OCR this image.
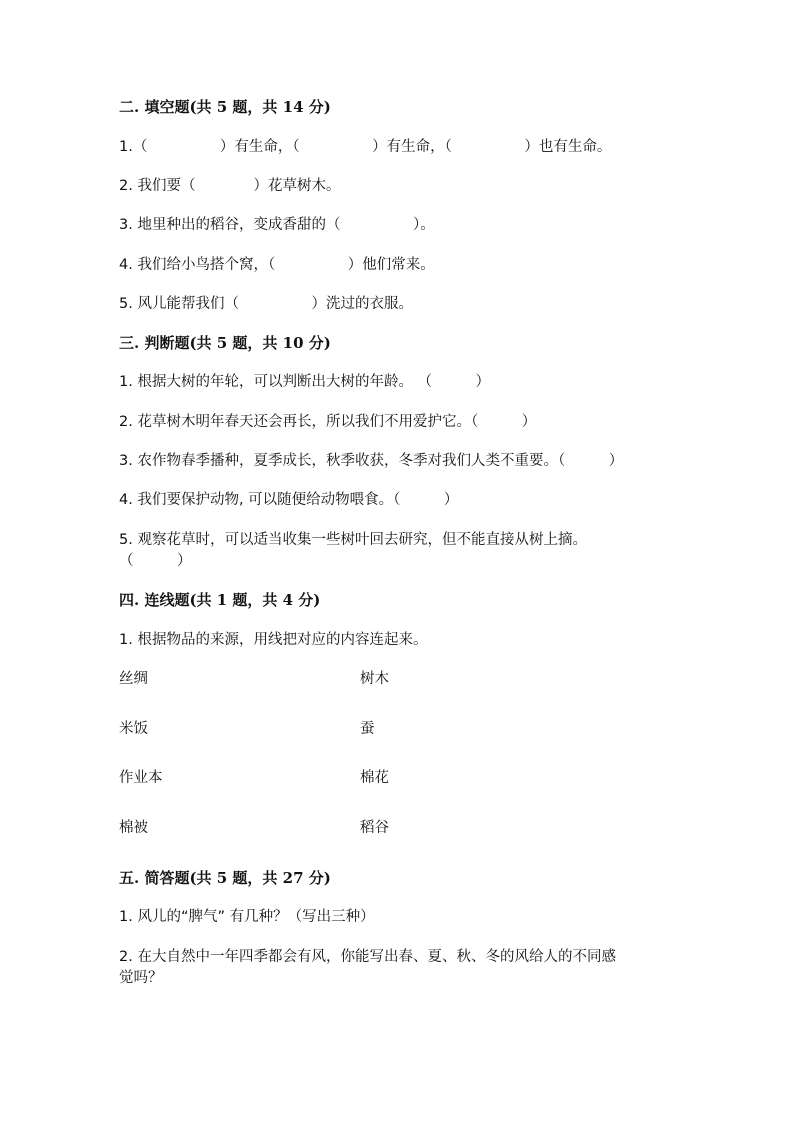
二. 填空题(共 5 题，共 14 分)
1.（　　　　　）有生命，（　　　　　）有生命，（　　　　　）也有生命。
2. 我们要（　　　　）花草树木。
3. 地里种出的稻谷，变成香甜的（　　　　　）。
4. 我们给小鸟搭个窝，（　　　　　）他们常来。
5. 风儿能帮我们（　　　　　）洗过的衣服。
三. 判断题(共 5 题，共 10 分)
1. 根据大树的年轮，可以判断出大树的年龄。 （　　　）
2. 花草树木明年春天还会再长，所以我们不用爱护它。（　　　）
3. 农作物春季播种，夏季成长，秋季收获，冬季对我们人类不重要。（　　　）
4. 我们要保护动物, 可以随便给动物喂食。（　　　）
5. 观察花草时，可以适当收集一些树叶回去研究，但不能直接从树上摘。
（　　　）
四. 连线题(共 1 题，共 4 分)
1. 根据物品的来源，用线把对应的内容连起来。
丝绸	树木
米饭	蚕
作业本	棉花
棉被	稻谷
五. 简答题(共 5 题，共 27 分)
1. 风儿的“脾气” 有几种？（写出三种）
2. 在大自然中一年四季都会有风，你能写出春、夏、秋、冬的风给人的不同感
觉吗？
